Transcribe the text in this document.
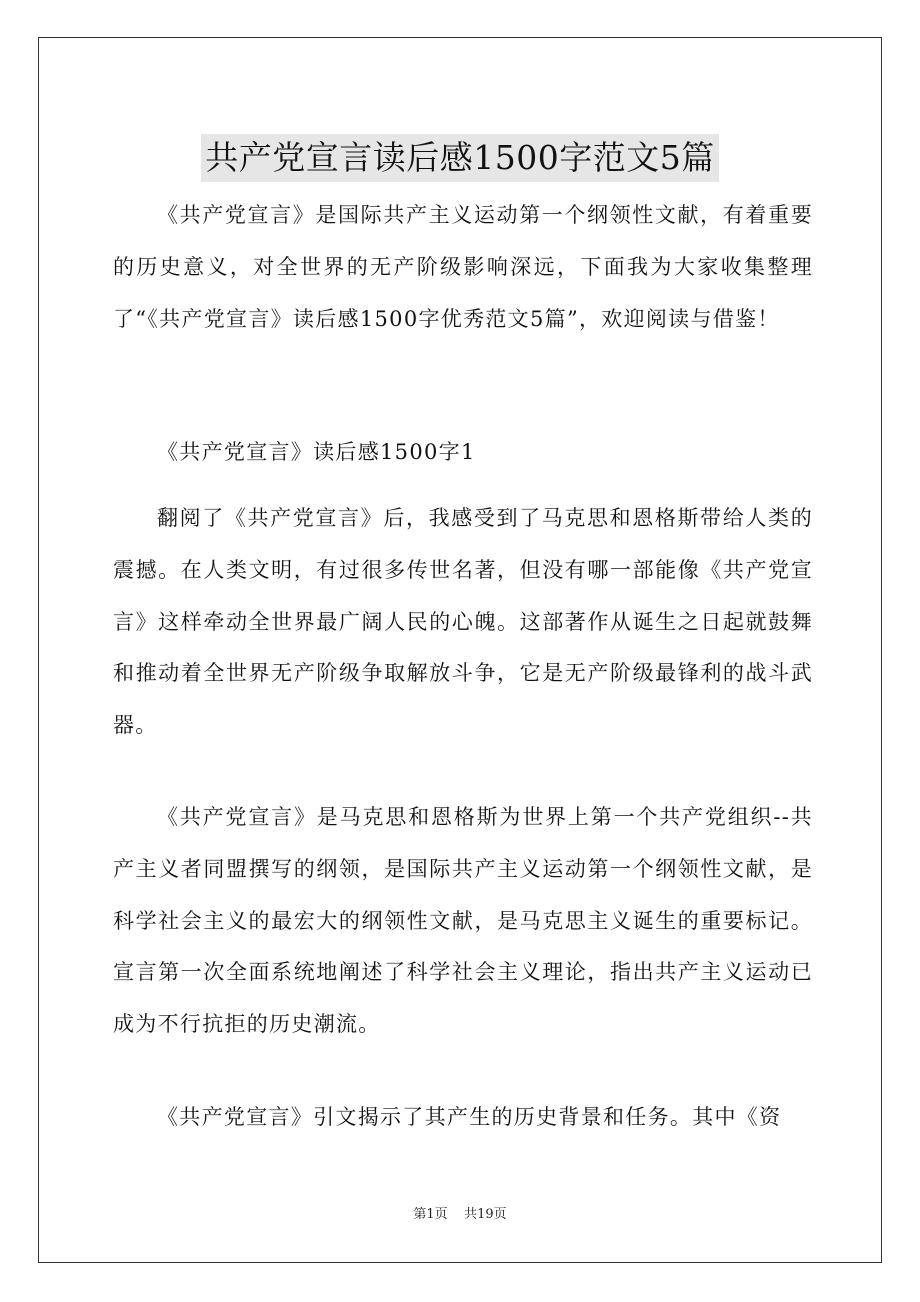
共产党宣言读后感1500字范文5篇

《共产党宣言》是国际共产主义运动第一个纲领性文献，有着重要的历史意义，对全世界的无产阶级影响深远，下面我为大家收集整理了“《共产党宣言》读后感1500字优秀范文5篇”，欢迎阅读与借鉴！

《共产党宣言》读后感1500字1

翻阅了《共产党宣言》后，我感受到了马克思和恩格斯带给人类的震撼。在人类文明，有过很多传世名著，但没有哪一部能像《共产党宣言》这样牵动全世界最广阔人民的心魄。这部著作从诞生之日起就鼓舞和推动着全世界无产阶级争取解放斗争，它是无产阶级最锋利的战斗武器。

《共产党宣言》是马克思和恩格斯为世界上第一个共产党组织--共产主义者同盟撰写的纲领，是国际共产主义运动第一个纲领性文献，是科学社会主义的最宏大的纲领性文献，是马克思主义诞生的重要标记。宣言第一次全面系统地阐述了科学社会主义理论，指出共产主义运动已成为不行抗拒的历史潮流。

《共产党宣言》引文揭示了其产生的历史背景和任务。其中《资

第1页 共19页
